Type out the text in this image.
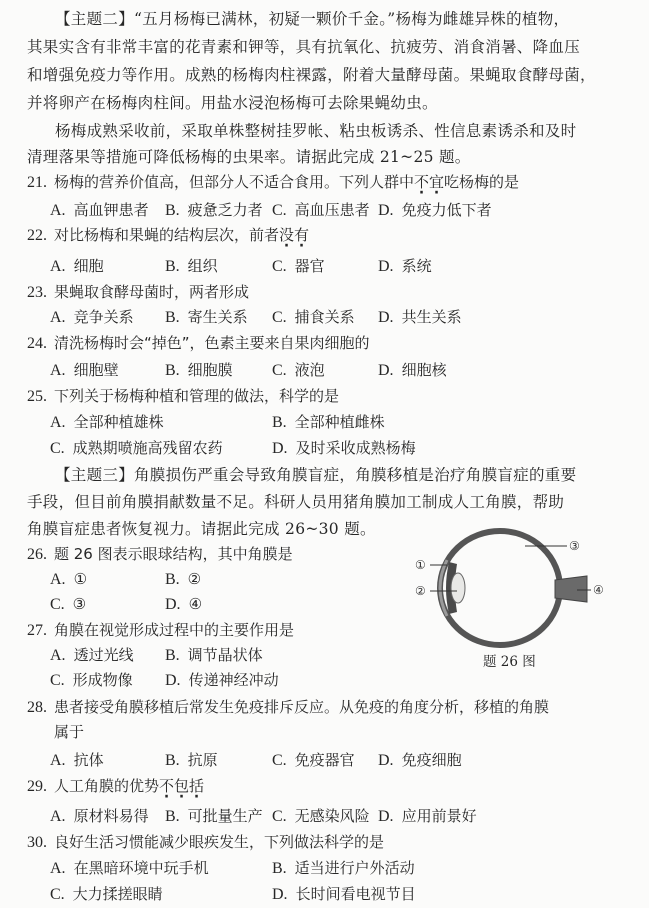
【主题二】“五月杨梅已满林，初疑一颗价千金。”杨梅为雌雄异株的植物，
其果实含有非常丰富的花青素和钾等，具有抗氧化、抗疲劳、消食消暑、降血压
和增强免疫力等作用。成熟的杨梅肉柱裸露，附着大量酵母菌。果蝇取食酵母菌，
并将卵产在杨梅肉柱间。用盐水浸泡杨梅可去除果蝇幼虫。
杨梅成熟采收前，采取单株整树挂罗帐、粘虫板诱杀、性信息素诱杀和及时
清理落果等措施可降低杨梅的虫果率。请据此完成 21~25 题。
21. 杨梅的营养价值高，但部分人不适合食用。下列人群中不宜吃杨梅的是
A. 高血钾患者 B. 疲惫乏力者 C. 高血压患者 D. 免疫力低下者
22. 对比杨梅和果蝇的结构层次，前者没有
A. 细胞	B. 组织	C. 器官	D. 系统
23. 果蝇取食酵母菌时，两者形成
A. 竞争关系 B. 寄生关系 C. 捕食关系 D. 共生关系
24. 清洗杨梅时会“掉色”，色素主要来自果肉细胞的
A. 细胞壁	B. 细胞膜 C. 液泡	D. 细胞核
25. 下列关于杨梅种植和管理的做法，科学的是
A. 全部种植雄株	B. 全部种植雌株
C. 成熟期喷施高残留农药	D. 及时采收成熟杨梅
【主题三】角膜损伤严重会导致角膜盲症，角膜移植是治疗角膜盲症的重要
手段，但目前角膜捐献数量不足。科研人员用猪角膜加工制成人工角膜，帮助
角膜盲症患者恢复视力。请据此完成 26~30 题。
26. 题 26 图表示眼球结构，其中角膜是
A. ①	B. ②
C. ③	D. ④
27. 角膜在视觉形成过程中的主要作用是
A. 透过光线 B. 调节晶状体
C. 形成物像 D. 传递神经冲动
①
②
③
④
题 26 图
28. 患者接受角膜移植后常发生免疫排斥反应。从免疫的角度分析，移植的角膜
属于
A. 抗体	B. 抗原	C. 免疫器官 D. 免疫细胞
29. 人工角膜的优势不包括
A. 原材料易得 B. 可批量生产 C. 无感染风险 D. 应用前景好
30. 良好生活习惯能减少眼疾发生，下列做法科学的是
A. 在黑暗环境中玩手机	B. 适当进行户外活动
C. 大力揉搓眼睛	D. 长时间看电视节目
